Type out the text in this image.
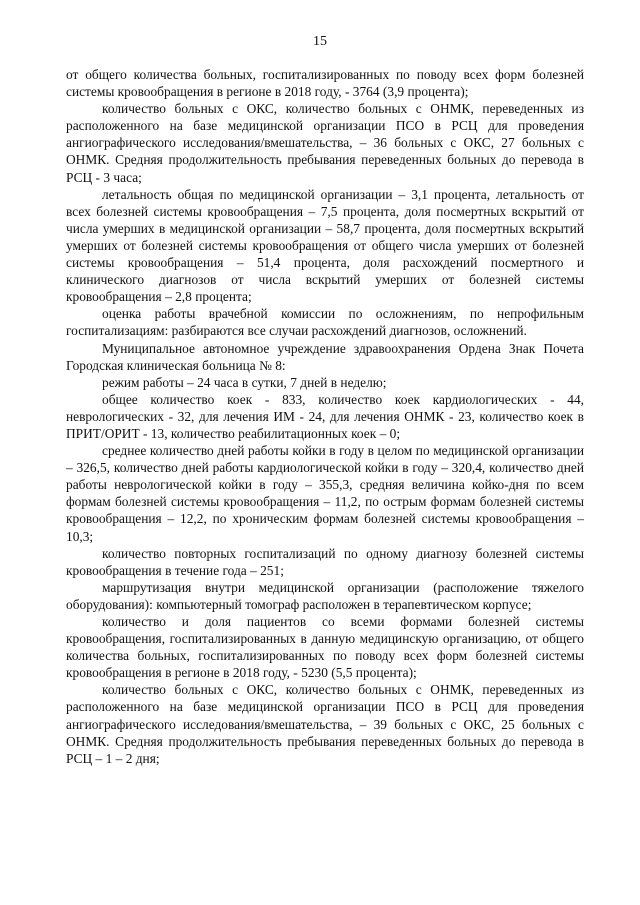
15

от общего количества больных, госпитализированных по поводу всех форм болезней системы кровообращения в регионе в 2018 году, - 3764 (3,9 процента);

количество больных с ОКС, количество больных с ОНМК, переведенных из расположенного на базе медицинской организации ПСО в РСЦ для проведения ангиографического исследования/вмешательства, – 36 больных с ОКС, 27 больных с ОНМК. Средняя продолжительность пребывания переведенных больных до перевода в РСЦ - 3 часа;

летальность общая по медицинской организации – 3,1 процента, летальность от всех болезней системы кровообращения – 7,5 процента, доля посмертных вскрытий от числа умерших в медицинской организации – 58,7 процента, доля посмертных вскрытий умерших от болезней системы кровообращения от общего числа умерших от болезней системы кровообращения – 51,4 процента, доля расхождений посмертного и клинического диагнозов от числа вскрытий умерших от болезней системы кровообращения – 2,8 процента;

оценка работы врачебной комиссии по осложнениям, по непрофильным госпитализациям: разбираются все случаи расхождений диагнозов, осложнений.

Муниципальное автономное учреждение здравоохранения Ордена Знак Почета Городская клиническая больница № 8:

режим работы – 24 часа в сутки, 7 дней в неделю;

общее количество коек - 833, количество коек кардиологических - 44, неврологических - 32, для лечения ИМ - 24, для лечения ОНМК - 23, количество коек в ПРИТ/ОРИТ - 13, количество реабилитационных коек – 0;

среднее количество дней работы койки в году в целом по медицинской организации – 326,5, количество дней работы кардиологической койки в году – 320,4, количество дней работы неврологической койки в году – 355,3, средняя величина койко-дня по всем формам болезней системы кровообращения – 11,2, по острым формам болезней системы кровообращения – 12,2, по хроническим формам болезней системы кровообращения – 10,3;

количество повторных госпитализаций по одному диагнозу болезней системы кровообращения в течение года – 251;

маршрутизация внутри медицинской организации (расположение тяжелого оборудования): компьютерный томограф расположен в терапевтическом корпусе;

количество и доля пациентов со всеми формами болезней системы кровообращения, госпитализированных в данную медицинскую организацию, от общего количества больных, госпитализированных по поводу всех форм болезней системы кровообращения в регионе в 2018 году, - 5230 (5,5 процента);

количество больных с ОКС, количество больных с ОНМК, переведенных из расположенного на базе медицинской организации ПСО в РСЦ для проведения ангиографического исследования/вмешательства, – 39 больных с ОКС, 25 больных с ОНМК. Средняя продолжительность пребывания переведенных больных до перевода в РСЦ – 1 – 2 дня;
